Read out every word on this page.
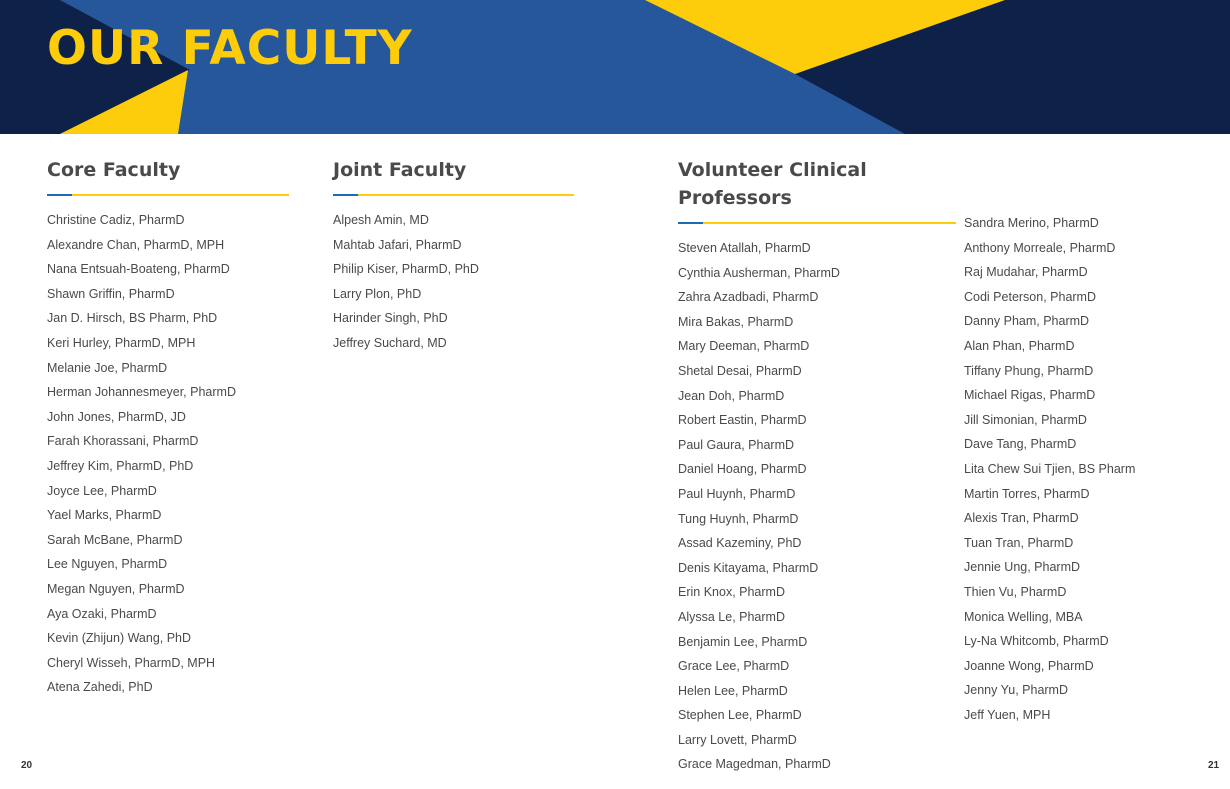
OUR FACULTY
Core Faculty
Christine Cadiz, PharmD
Alexandre Chan, PharmD, MPH
Nana Entsuah-Boateng, PharmD
Shawn Griffin, PharmD
Jan D. Hirsch, BS Pharm, PhD
Keri Hurley, PharmD, MPH
Melanie Joe, PharmD
Herman Johannesmeyer, PharmD
John Jones, PharmD, JD
Farah Khorassani, PharmD
Jeffrey Kim, PharmD, PhD
Joyce Lee, PharmD
Yael Marks, PharmD
Sarah McBane, PharmD
Lee Nguyen, PharmD
Megan Nguyen, PharmD
Aya Ozaki, PharmD
Kevin (Zhijun) Wang, PhD
Cheryl Wisseh, PharmD, MPH
Atena Zahedi, PhD
Joint Faculty
Alpesh Amin, MD
Mahtab Jafari, PharmD
Philip Kiser, PharmD, PhD
Larry Plon, PhD
Harinder Singh, PhD
Jeffrey Suchard, MD
Volunteer Clinical Professors
Steven Atallah, PharmD
Cynthia Ausherman, PharmD
Zahra Azadbadi, PharmD
Mira Bakas, PharmD
Mary Deeman, PharmD
Shetal Desai, PharmD
Jean Doh, PharmD
Robert Eastin, PharmD
Paul Gaura, PharmD
Daniel Hoang, PharmD
Paul Huynh, PharmD
Tung Huynh, PharmD
Assad Kazeminy, PhD
Denis Kitayama, PharmD
Erin Knox, PharmD
Alyssa Le, PharmD
Benjamin Lee, PharmD
Grace Lee, PharmD
Helen Lee, PharmD
Stephen Lee, PharmD
Larry Lovett, PharmD
Grace Magedman, PharmD
Sandra Merino, PharmD
Anthony Morreale, PharmD
Raj Mudahar, PharmD
Codi Peterson, PharmD
Danny Pham, PharmD
Alan Phan, PharmD
Tiffany Phung, PharmD
Michael Rigas, PharmD
Jill Simonian, PharmD
Dave Tang, PharmD
Lita Chew Sui Tjien, BS Pharm
Martin Torres, PharmD
Alexis Tran, PharmD
Tuan Tran, PharmD
Jennie Ung, PharmD
Thien Vu, PharmD
Monica Welling, MBA
Ly-Na Whitcomb, PharmD
Joanne Wong, PharmD
Jenny Yu, PharmD
Jeff Yuen, MPH
20	21
